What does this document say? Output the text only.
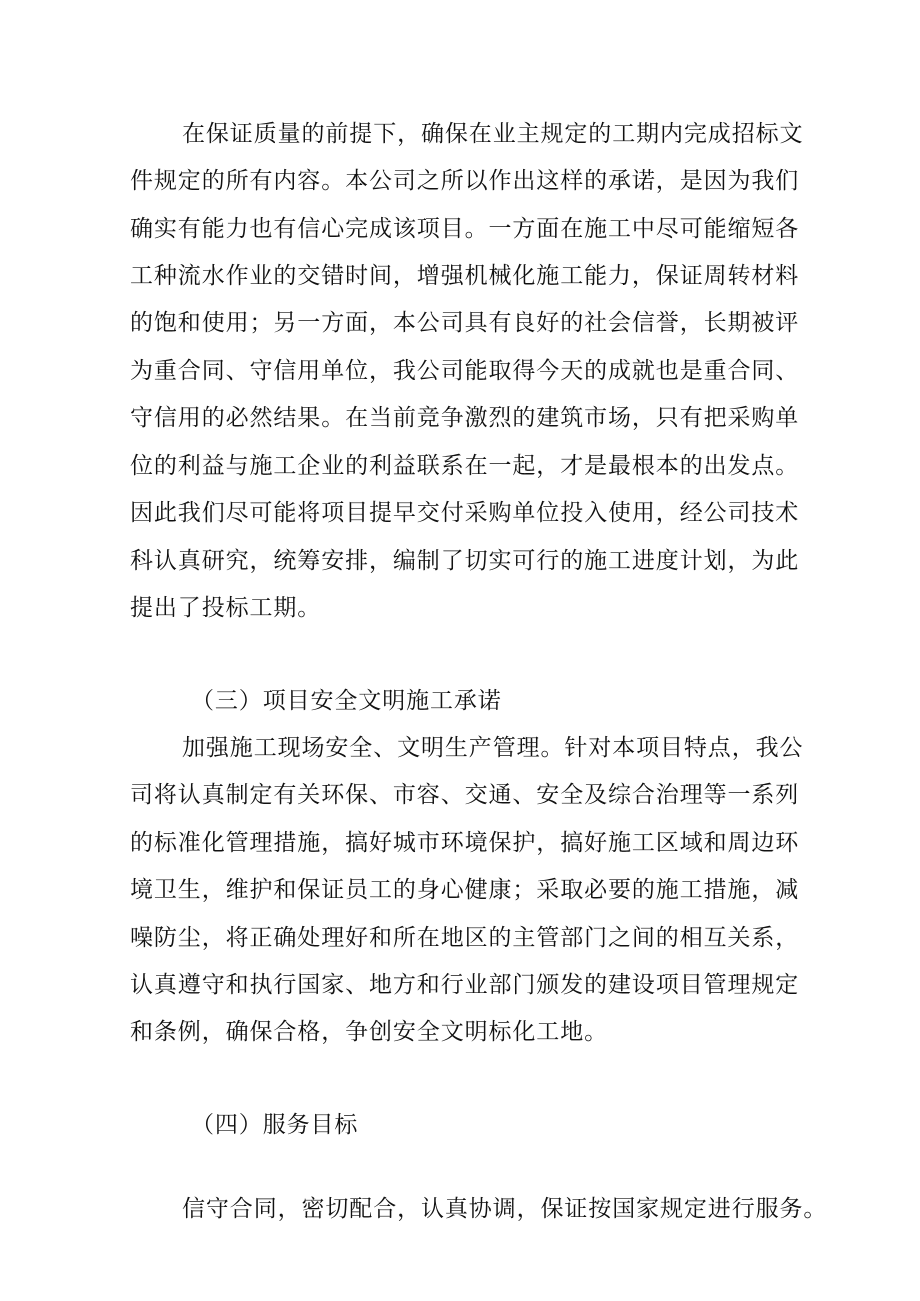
在保证质量的前提下，确保在业主规定的工期内完成招标文
件规定的所有内容。本公司之所以作出这样的承诺，是因为我们
确实有能力也有信心完成该项目。一方面在施工中尽可能缩短各
工种流水作业的交错时间，增强机械化施工能力，保证周转材料
的饱和使用；另一方面，本公司具有良好的社会信誉，长期被评
为重合同、守信用单位，我公司能取得今天的成就也是重合同、
守信用的必然结果。在当前竞争激烈的建筑市场，只有把采购单
位的利益与施工企业的利益联系在一起，才是最根本的出发点。
因此我们尽可能将项目提早交付采购单位投入使用，经公司技术
科认真研究，统筹安排，编制了切实可行的施工进度计划，为此
提出了投标工期。
（三）项目安全文明施工承诺
加强施工现场安全、文明生产管理。针对本项目特点，我公
司将认真制定有关环保、市容、交通、安全及综合治理等一系列
的标准化管理措施，搞好城市环境保护，搞好施工区域和周边环
境卫生，维护和保证员工的身心健康；采取必要的施工措施，减
噪防尘，将正确处理好和所在地区的主管部门之间的相互关系，
认真遵守和执行国家、地方和行业部门颁发的建设项目管理规定
和条例，确保合格，争创安全文明标化工地。
（四）服务目标
信守合同，密切配合，认真协调，保证按国家规定进行服务。
